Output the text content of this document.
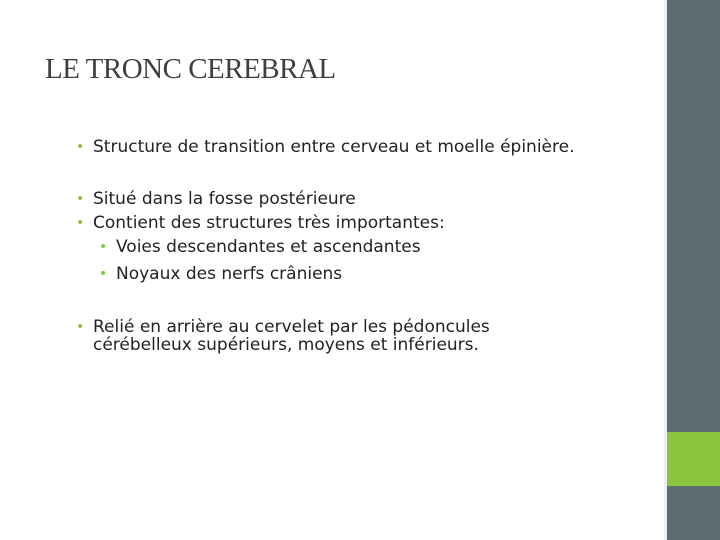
LE TRONC CEREBRAL
• Structure de transition entre cerveau et moelle épinière.
• Situé dans la fosse postérieure
• Contient des structures très importantes:
• Voies descendantes et ascendantes
• Noyaux des nerfs crâniens
• Relié en arrière au cervelet par les pédoncules cérébelleux supérieurs, moyens et inférieurs.
